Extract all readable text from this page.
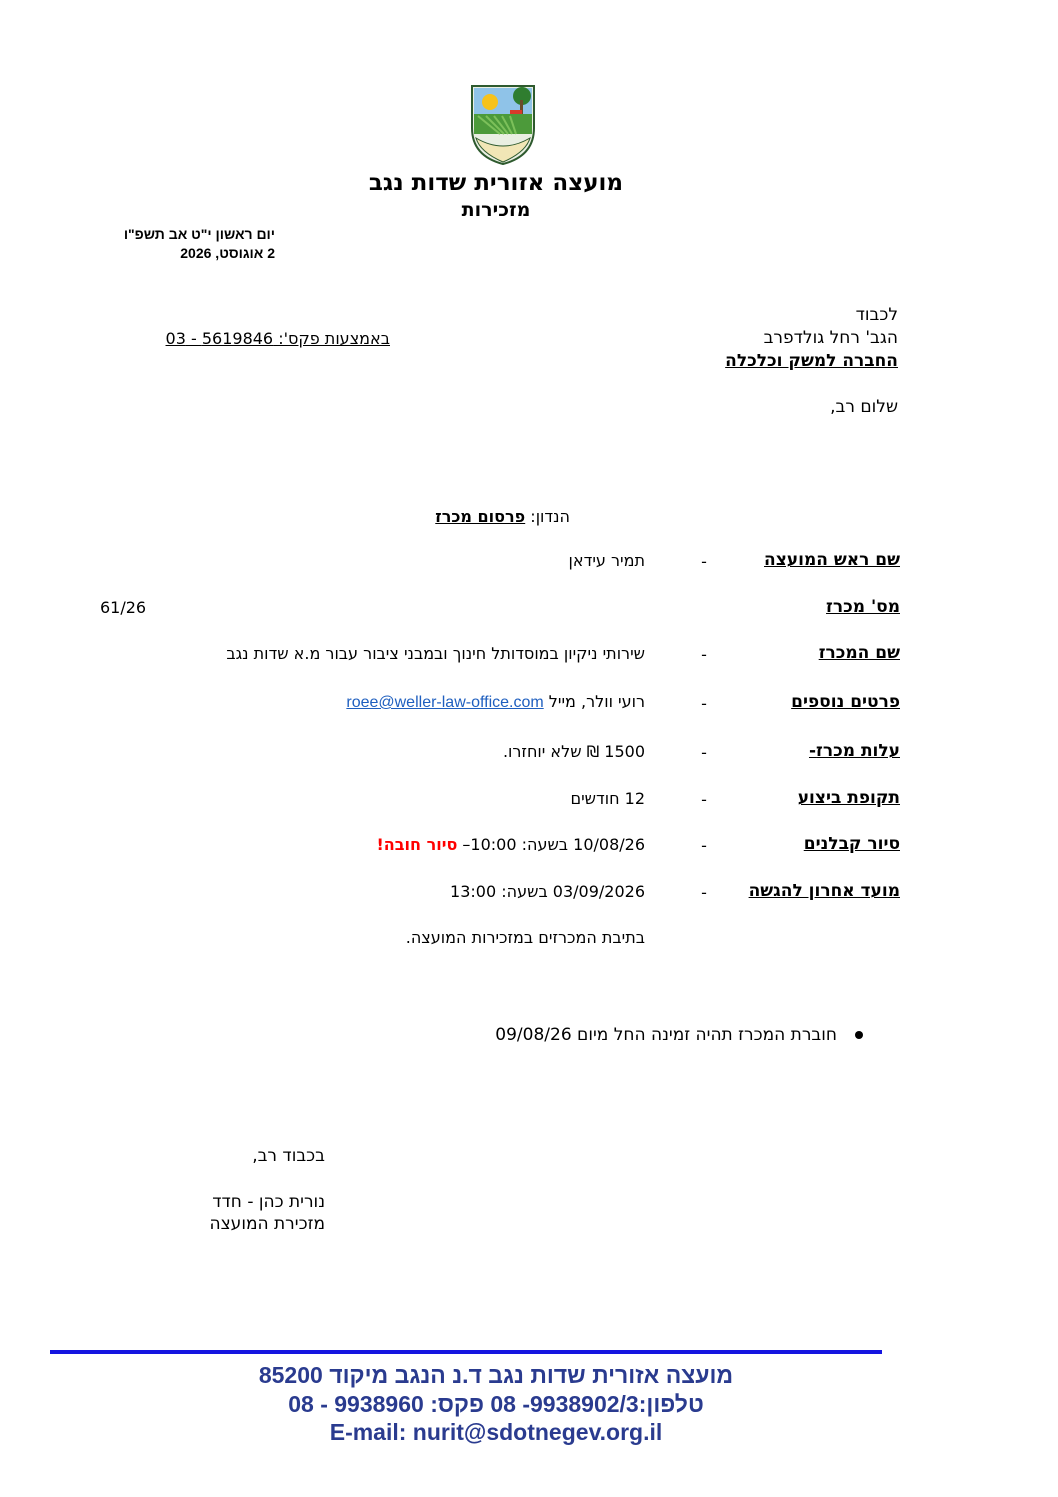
מועצה אזורית שדות נגב
מזכירות
יום ראשון י"ט אב תשפ"ו
2 אוגוסט, 2026
לכבוד
הגב' רחל גולדפרב
החברה למשק וכלכלה
באמצעות פקס': 5619846 - 03
שלום רב,
הנדון: פרסום מכרז
שם ראש המועצה
-
תמיר עידאן
מס' מכרז
61/26
שם המכרז
-
שירותי ניקיון במוסדותל חינוך ובמבני ציבור עבור מ.א שדות נגב
פרטים נוספים
-
רועי וולר, מייל roee@weller-law-office.com
עלות מכרז-
-
1500 ₪ שלא יוחזרו.
תקופת ביצוע
-
12 חודשים
סיור קבלנים
-
10/08/26 בשעה: 10:00– סיור חובה!
מועד אחרון להגשה
-
03/09/2026 בשעה: 13:00
בתיבת המכרזים במזכירות המועצה.
חוברת המכרז תהיה זמינה החל מיום 09/08/26
בכבוד רב,
נורית כהן - חדד
מזכירת המועצה
מועצה אזורית שדות נגב ד.נ הנגב מיקוד 85200
טלפון:9938902/3- 08 פקס: 9938960 - 08
E-mail: nurit@sdotnegev.org.il
